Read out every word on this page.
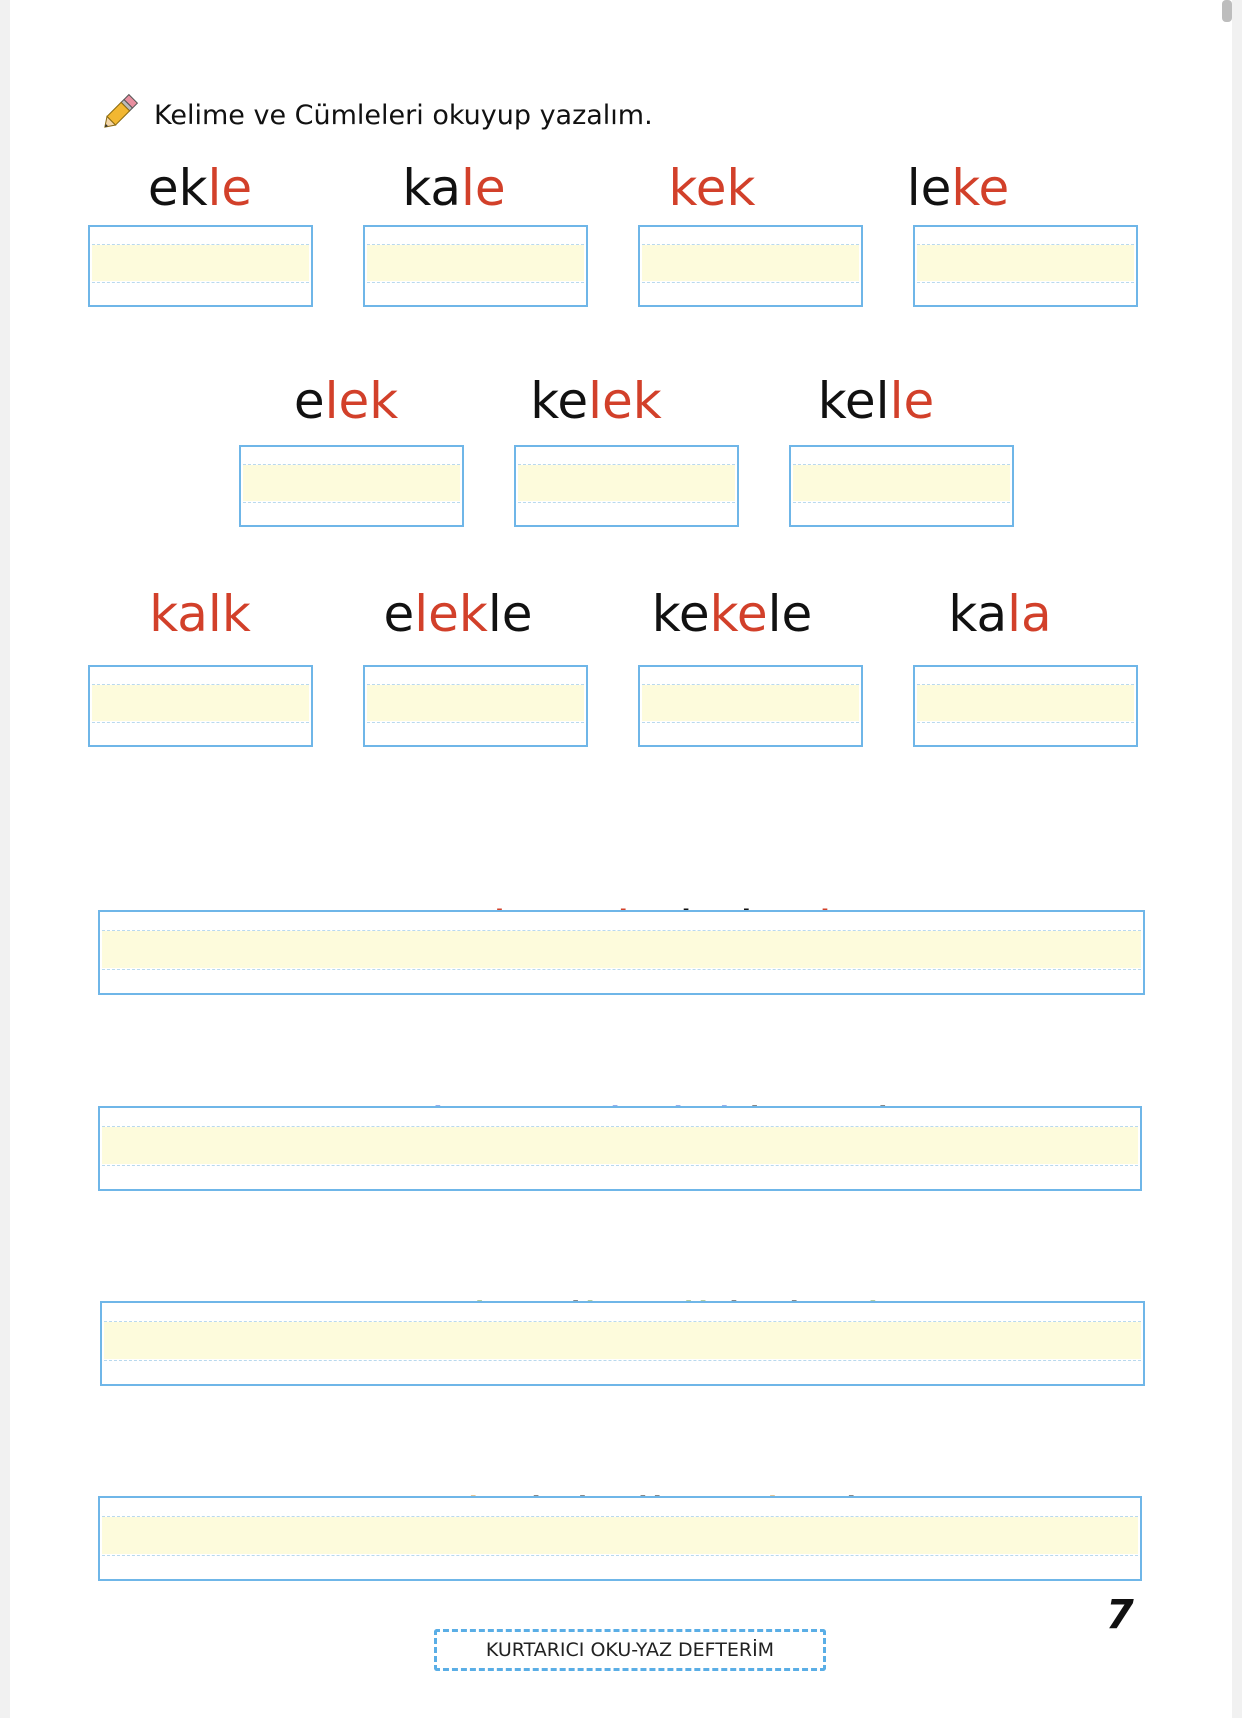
Kelime ve Cümleleri okuyup yazalım.
ekle	kale	kek	leke
elek	kelek	kelle
kalk	elekle	kekele	kala

7
KURTARICI OKU-YAZ DEFTERİM
